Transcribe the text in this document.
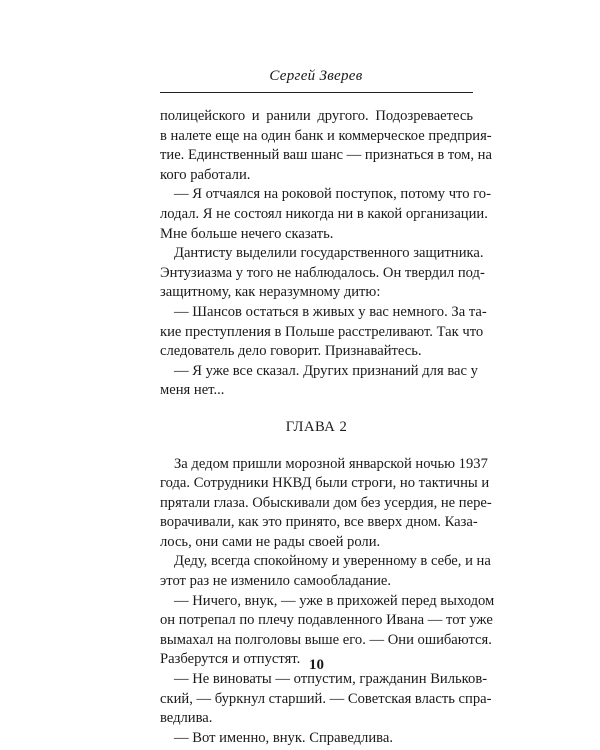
Сергей Зверев

полицейского и ранили другого. Подозреваетесь
в налете еще на один банк и коммерческое предприя-
тие. Единственный ваш шанс — признаться в том, на
кого работали.

— Я отчаялся на роковой поступок, потому что го-
лодал. Я не состоял никогда ни в какой организации.
Мне больше нечего сказать.

Дантисту выделили государственного защитника.
Энтузиазма у того не наблюдалось. Он твердил под-
защитному, как неразумному дитю:

— Шансов остаться в живых у вас немного. За та-
кие преступления в Польше расстреливают. Так что
следователь дело говорит. Признавайтесь.

— Я уже все сказал. Других признаний для вас у
меня нет...

ГЛАВА 2

За дедом пришли морозной январской ночью 1937
года. Сотрудники НКВД были строги, но тактичны и
прятали глаза. Обыскивали дом без усердия, не пере-
ворачивали, как это принято, все вверх дном. Каза-
лось, они сами не рады своей роли.

Деду, всегда спокойному и уверенному в себе, и на
этот раз не изменило самообладание.

— Ничего, внук, — уже в прихожей перед выходом
он потрепал по плечу подавленного Ивана — тот уже
вымахал на полголовы выше его. — Они ошибаются.
Разберутся и отпустят.

— Не виноваты — отпустим, гражданин Вильков-
ский, — буркнул старший. — Советская власть спра-
ведлива.

— Вот именно, внук. Справедлива.

10
